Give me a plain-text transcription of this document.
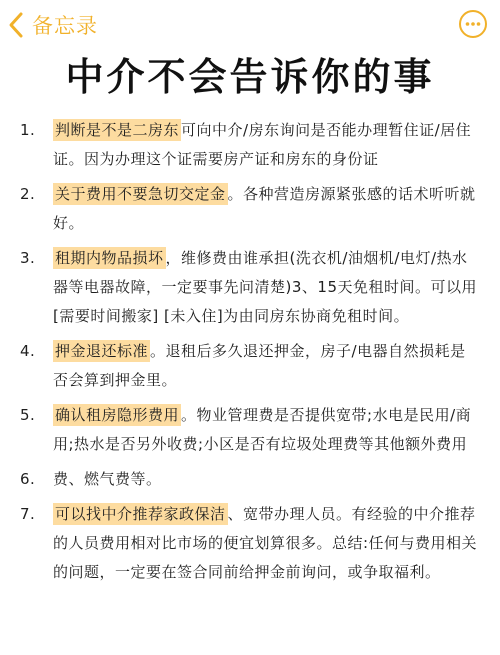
备忘录
中介不会告诉你的事
1.	判断是不是二房东 可向中介/房东询问是否能办理暂住证/居住证。因为办理这个证需要房产证和房东的身份证
2.	关于费用不要急切交定金 。各种营造房源紧张感的话术听听就好。
3.	租期内物品损坏 ，维修费由谁承担(洗衣机/油烟机/电灯/热水器等电器故障，一定要事先问清楚)3、15天免租时间。可以用[需要时间搬家] [未入住]为由同房东协商免租时间。
4.	押金退还标准 。退租后多久退还押金，房子/电器自然损耗是否会算到押金里。
5.	确认租房隐形费用 。物业管理费是否提供宽带;水电是民用/商用;热水是否另外收费;小区是否有垃圾处理费等其他额外费用
6.	费、燃气费等。
7.	可以找中介推荐家政保洁 、宽带办理人员。有经验的中介推荐的人员费用相对比市场的便宜划算很多。总结:任何与费用相关的问题，一定要在签合同前给押金前询问，或争取福利。
